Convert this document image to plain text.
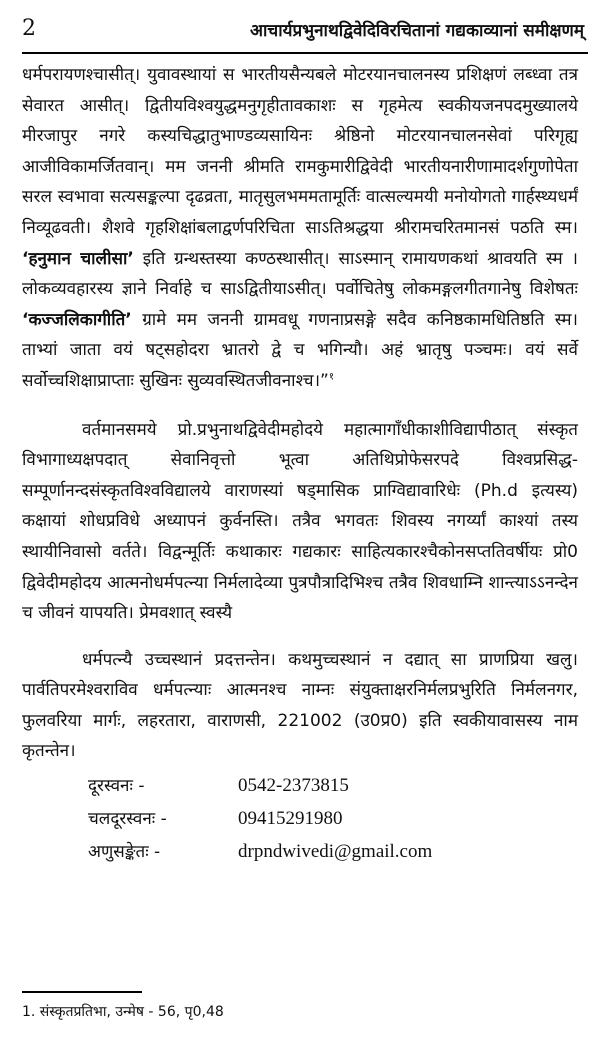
2	आचार्यप्रभुनाथद्विवेदिविरचितानां गद्यकाव्यानां समीक्षणम्

धर्मपरायणश्चासीत्। युवावस्थायां स भारतीयसैन्यबले मोटरयानचालनस्य प्रशिक्षणं लब्ध्वा तत्र सेवारत आसीत्। द्वितीयविश्वयुद्धमनुगृहीतावकाशः स गृहमेत्य स्वकीयजनपदमुख्यालये मीरजापुर नगरे कस्यचिद्धातुभाण्डव्यसायिनः श्रेष्ठिनो मोटरयानचालनसेवां परिगृह्य आजीविकामर्जितवान्। मम जननी श्रीमति रामकुमारीद्विवेदी भारतीयनारीणामादर्शगुणोपेता सरल स्वभावा सत्यसङ्कल्पा दृढव्रता, मातृसुलभममतामूर्तिः वात्सल्यमयी मनोयोगतो गार्हस्थ्यधर्मं निव्यूढवती। शैशवे गृहशिक्षांबलाद्वर्णपरिचिता साऽतिश्रद्धया श्रीरामचरितमानसं पठति स्म। ‘हनुमान चालीसा’ इति ग्रन्थस्तस्या कण्ठस्थासीत्। साऽस्मान् रामायणकथां श्रावयति स्म । लोकव्यवहारस्य ज्ञाने निर्वाहे च साऽद्वितीयाऽसीत्। पर्वोचितेषु लोकमङ्गलगीतगानेषु विशेषतः ‘कज्जलिकागीति’ ग्रामे मम जननी ग्रामवधू गणनाप्रसङ्गे सदैव कनिष्ठकामधितिष्ठति स्म। ताभ्यां जाता वयं षट्सहोदरा भ्रातरो द्वे च भगिन्यौ। अहं भ्रातृषु पञ्चमः। वयं सर्वे सर्वोच्चशिक्षाप्राप्ताः सुखिनः सुव्यवस्थितजीवनाश्च।”$^१$

वर्तमानसमये प्रो.प्रभुनाथद्विवेदीमहोदये महात्मागाँधीकाशीविद्यापीठात् संस्कृत विभागाध्यक्षपदात् सेवानिवृत्तो भूत्वा अतिथिप्रोफेसरपदे विश्वप्रसिद्ध-सम्पूर्णानन्दसंस्कृतविश्वविद्यालये वाराणस्यां षड्मासिक प्राग्विद्यावारिधेः (Ph.d इत्यस्य) कक्षायां शोधप्रविधे अध्यापनं कुर्वनस्ति। तत्रैव भगवतः शिवस्य नगर्य्यां काश्यां तस्य स्थायीनिवासो वर्तते। विद्वन्मूर्तिः कथाकारः गद्यकारः साहित्यकारश्चैकोनसप्ततिवर्षीयः प्रो0 द्विवेदीमहोदय आत्मनोधर्मपत्न्या निर्मलादेव्या पुत्रपौत्रादिभिश्च तत्रैव शिवधाम्नि शान्त्याऽऽनन्देन च जीवनं यापयति। प्रेमवशात् स्वस्यै

धर्मपत्न्यै उच्चस्थानं प्रदत्तन्तेन। कथमुच्चस्थानं न दद्यात् सा प्राणप्रिया खलु। पार्वतिपरमेश्वराविव धर्मपत्न्याः आत्मनश्च नाम्नः संयुक्ताक्षरनिर्मलप्रभुरिति निर्मलनगर, फुलवरिया मार्गः, लहरतारा, वाराणसी, 221002 (उ0प्र0) इति स्वकीयावासस्य नाम कृतन्तेन।

दूरस्वनः -	0542-2373815
चलदूरस्वनः -	09415291980
अणुसङ्केतः -	drpndwivedi@gmail.com
1. संस्कृतप्रतिभा, उन्मेष - 56, पृ0,48
